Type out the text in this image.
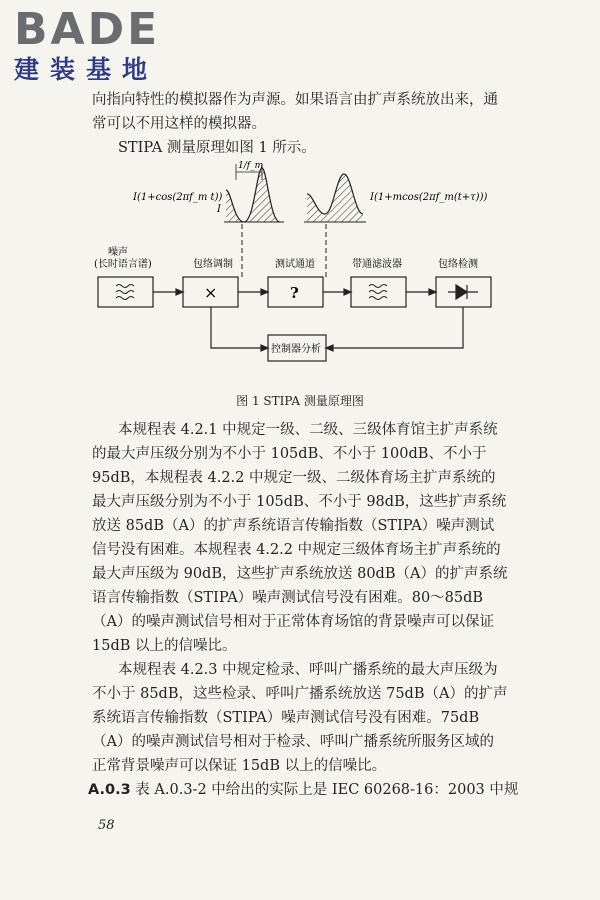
BADE
建装基地
向指向特性的模拟器作为声源。如果语言由扩声系统放出来，通
常可以不用这样的模拟器。
STIPA 测量原理如图 1 所示。
1/f_m
I
I(1+cos(2πf_m t))	I(1+mcos(2πf_m(t+τ)))
噪声
(长时语言谱)	包络调制	测试通道	带通滤波器	包络检测
×	?
控制器分析
图 1 STIPA 测量原理图
本规程表 4.2.1 中规定一级、二级、三级体育馆主扩声系统
的最大声压级分别为不小于 105dB、不小于 100dB、不小于
95dB，本规程表 4.2.2 中规定一级、二级体育场主扩声系统的
最大声压级分别为不小于 105dB、不小于 98dB，这些扩声系统
放送 85dB（A）的扩声系统语言传输指数（STIPA）噪声测试
信号没有困难。本规程表 4.2.2 中规定三级体育场主扩声系统的
最大声压级为 90dB，这些扩声系统放送 80dB（A）的扩声系统
语言传输指数（STIPA）噪声测试信号没有困难。80～85dB
（A）的噪声测试信号相对于正常体育场馆的背景噪声可以保证
15dB 以上的信噪比。
本规程表 4.2.3 中规定检录、呼叫广播系统的最大声压级为
不小于 85dB，这些检录、呼叫广播系统放送 75dB（A）的扩声
系统语言传输指数（STIPA）噪声测试信号没有困难。75dB
（A）的噪声测试信号相对于检录、呼叫广播系统所服务区域的
正常背景噪声可以保证 15dB 以上的信噪比。
A.0.3 表 A.0.3-2 中给出的实际上是 IEC 60268-16：2003 中规
58
